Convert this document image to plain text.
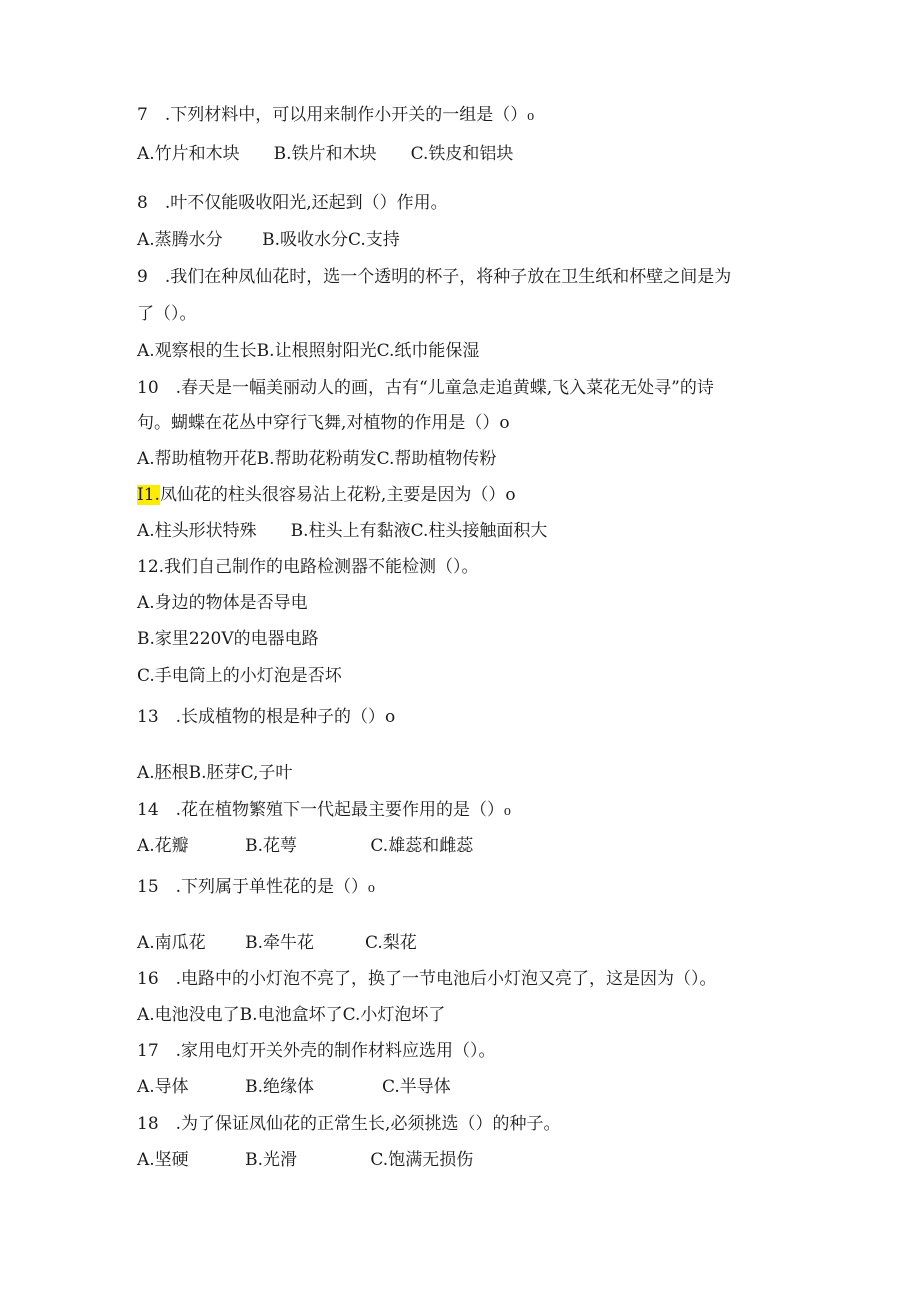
7　.下列材料中，可以用来制作小开关的一组是（）₀
A.竹片和木块　　B.铁片和木块　　C.铁皮和铝块
8　.叶不仅能吸收阳光,还起到（）作用。
A.蒸腾水分　　 B.吸收水分C.支持
9　.我们在种凤仙花时，选一个透明的杯子，将种子放在卫生纸和杯壁之间是为
了（）。
A.观察根的生长B.让根照射阳光C.纸巾能保湿
10　.春天是一幅美丽动人的画，古有“儿童急走追黄蝶,飞入菜花无处寻”的诗
句。蝴蝶在花丛中穿行飞舞,对植物的作用是（）o
A.帮助植物开花B.帮助花粉萌发C.帮助植物传粉
I1.凤仙花的柱头很容易沾上花粉,主要是因为（）o
A.柱头形状特殊　　B.柱头上有黏液C.柱头接触面积大
12.我们自己制作的电路检测器不能检测（）。
A.身边的物体是否导电
B.家里220V的电器电路
C.手电筒上的小灯泡是否坏
13　.长成植物的根是种子的（）o
A.胚根B.胚芽C,子叶
14　.花在植物繁殖下一代起最主要作用的是（）₀
A.花瓣　　　 B.花萼　　　　 C.雄蕊和雌蕊
15　.下列属于单性花的是（）₀
A.南瓜花　　 B.牵牛花　　　C.梨花
16　.电路中的小灯泡不亮了，换了一节电池后小灯泡又亮了，这是因为（）。
A.电池没电了B.电池盒坏了C.小灯泡坏了
17　.家用电灯开关外壳的制作材料应选用（）。
A.导体　　　 B.绝缘体　　　　C.半导体
18　.为了保证凤仙花的正常生长,必须挑选（）的种子。
A.坚硬　　　 B.光滑　　　　 C.饱满无损伤
